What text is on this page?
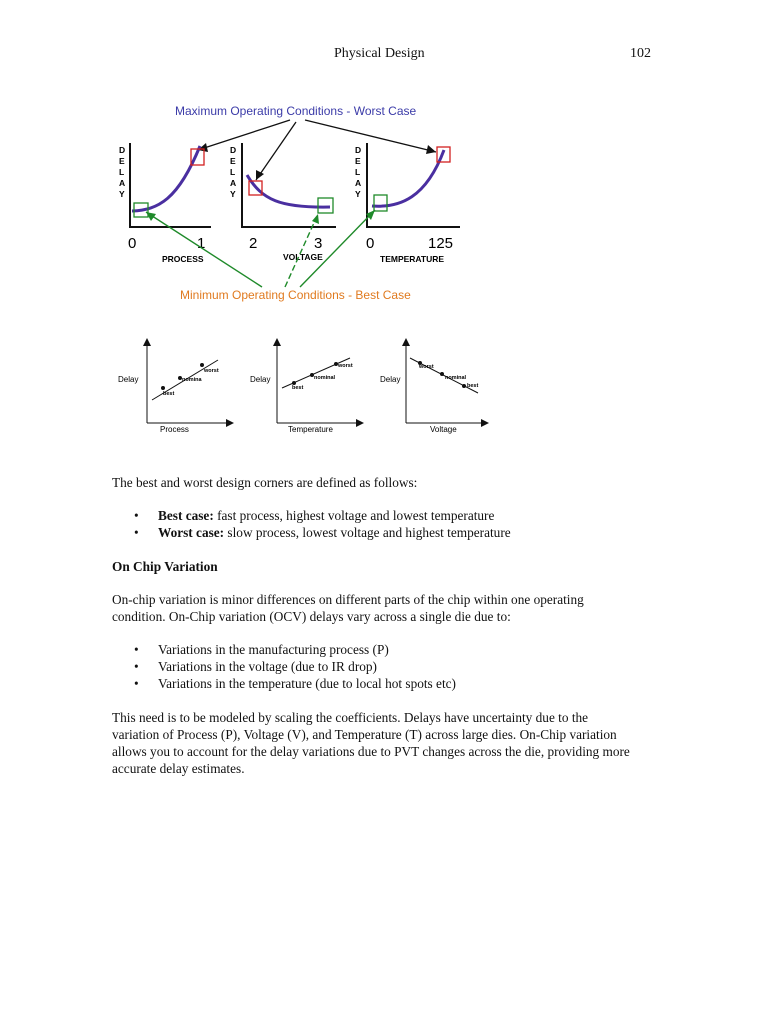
Physical Design	102
Maximum Operating Conditions - Worst Case
Minimum Operating Conditions - Best Case
D
E
L
A
Y
0	1
PROCESS
D
E
L
A
Y
2	3
VOLTAGE
D
E
L
A
Y
0	125
TEMPERATURE
worst
nomina
best
Delay
Process
worst
nominal
best
Delay
Temperature
worst
nominal
best
Delay
Voltage
The best and worst design corners are defined as follows:
• Best case: fast process, highest voltage and lowest temperature
• Worst case: slow process, lowest voltage and highest temperature
On Chip Variation
On-chip variation is minor differences on different parts of the chip within one operating
condition. On-Chip variation (OCV) delays vary across a single die due to:
• Variations in the manufacturing process (P)
• Variations in the voltage (due to IR drop)
• Variations in the temperature (due to local hot spots etc)
This need is to be modeled by scaling the coefficients. Delays have uncertainty due to the
variation of Process (P), Voltage (V), and Temperature (T) across large dies. On-Chip variation
allows you to account for the delay variations due to PVT changes across the die, providing more
accurate delay estimates.
